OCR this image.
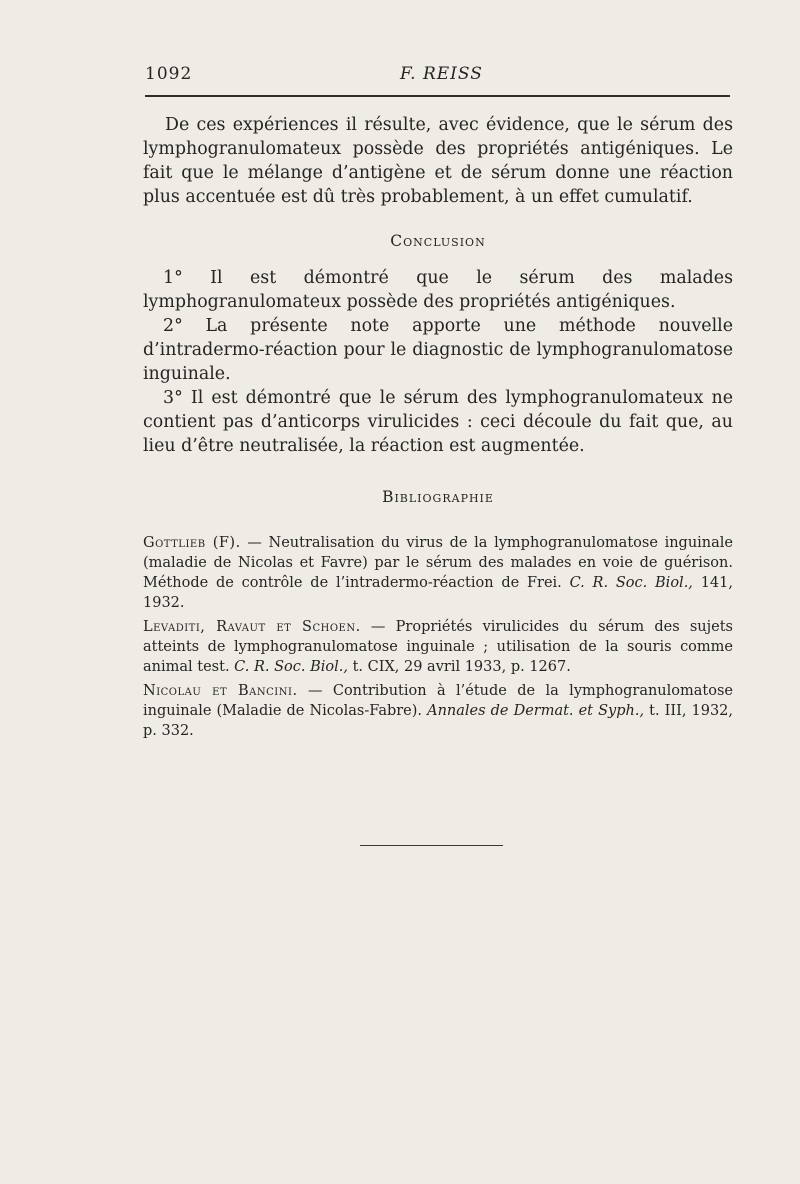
1092	F. REISS

De ces expériences il résulte, avec évidence, que le sérum des lymphogranulomateux possède des propriétés antigéniques. Le fait que le mélange d’antigène et de sérum donne une réaction plus accentuée est dû très probablement, à un effet cumulatif.

Conclusion

1° Il est démontré que le sérum des malades lymphogranulomateux possède des propriétés antigéniques.

2° La présente note apporte une méthode nouvelle d’intradermo-réaction pour le diagnostic de lymphogranulomatose inguinale.

3° Il est démontré que le sérum des lymphogranulomateux ne contient pas d’anticorps virulicides : ceci découle du fait que, au lieu d’être neutralisée, la réaction est augmentée.

Bibliographie

Gottlieb (F). — Neutralisation du virus de la lymphogranulomatose inguinale (maladie de Nicolas et Favre) par le sérum des malades en voie de guérison. Méthode de contrôle de l’intradermo-réaction de Frei. C. R. Soc. Biol., 141, 1932.

Levaditi, Ravaut et Schoen. — Propriétés virulicides du sérum des sujets atteints de lymphogranulomatose inguinale ; utilisation de la souris comme animal test. C. R. Soc. Biol., t. CIX, 29 avril 1933, p. 1267.

Nicolau et Bancini. — Contribution à l’étude de la lymphogranulomatose inguinale (Maladie de Nicolas-Fabre). Annales de Dermat. et Syph., t. III, 1932, p. 332.
